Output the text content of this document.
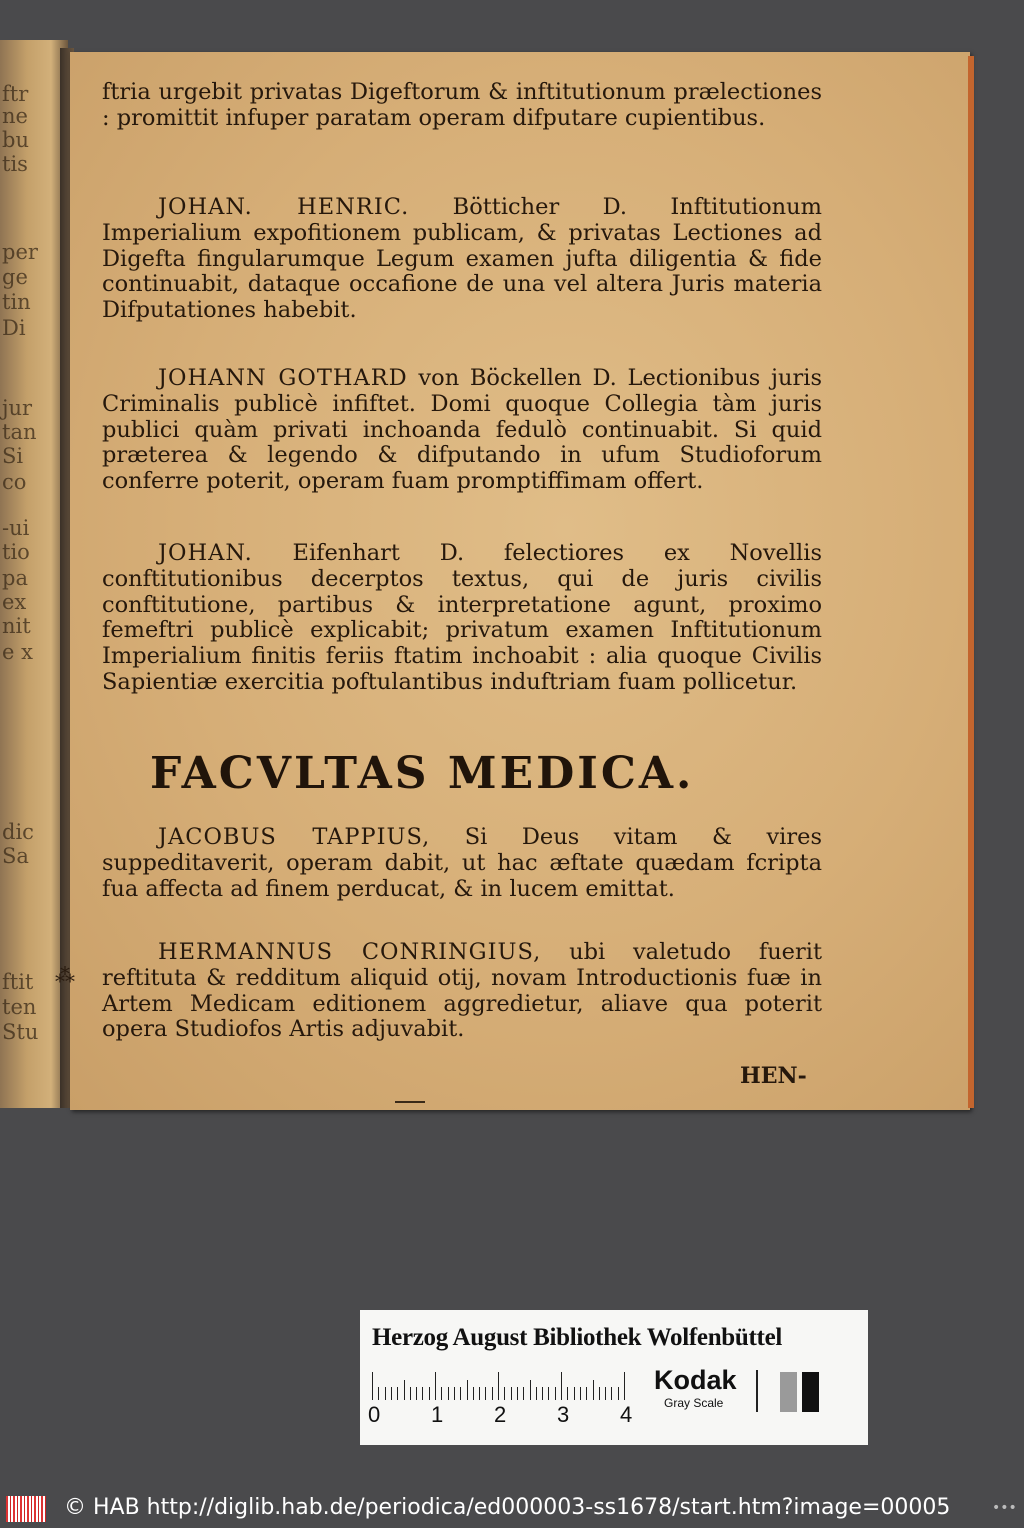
ftr
ne
bu
tis
per
ge
tin
Di
jur
tan
Si
co
-ui
tio
pa
ex
nit
e x
dic
Sa
ftit
ten
Stu

ftria urgebit privatas Digeftorum & inftitutionum prælectiones : promittit infuper paratam operam difputare cupientibus.

JOHAN. HENRIC. Bötticher D. Inftitutionum Imperialium expofitionem publicam, & privatas Lectiones ad Digefta fingularumque Legum examen jufta diligentia & fide continuabit, dataque occafione de una vel altera Juris materia Difputationes habebit.

JOHANN GOTHARD von Böckellen D. Lectionibus juris Criminalis publicè infiftet. Domi quoque Collegia tàm juris publici quàm privati inchoanda fedulò continuabit. Si quid præterea & legendo & difputando in ufum Studioforum conferre poterit, operam fuam promptiffimam offert.

JOHAN. Eifenhart D. felectiores ex Novellis conftitutionibus decerptos textus, qui de juris civilis conftitutione, partibus & interpretatione agunt, proximo femeftri publicè explicabit; privatum examen Inftitutionum Imperialium finitis feriis ftatim inchoabit : alia quoque Civilis Sapientiæ exercitia poftulantibus induftriam fuam pollicetur.

FACVLTAS MEDICA.

JACOBUS TAPPIUS, Si Deus vitam & vires suppeditaverit, operam dabit, ut hac æftate quædam fcripta fua affecta ad finem perducat, & in lucem emittat.

⁂

HERMANNUS CONRINGIUS, ubi valetudo fuerit reftituta & redditum aliquid otij, novam Introductionis fuæ in Artem Medicam editionem aggredietur, aliave qua poterit opera Studiofos Artis adjuvabit.

HEN-
Herzog August Bibliothek Wolfenbüttel
0 1 2 3 4
Kodak
Gray Scale
© HAB http://diglib.hab.de/periodica/ed000003-ss1678/start.htm?image=00005	•••
